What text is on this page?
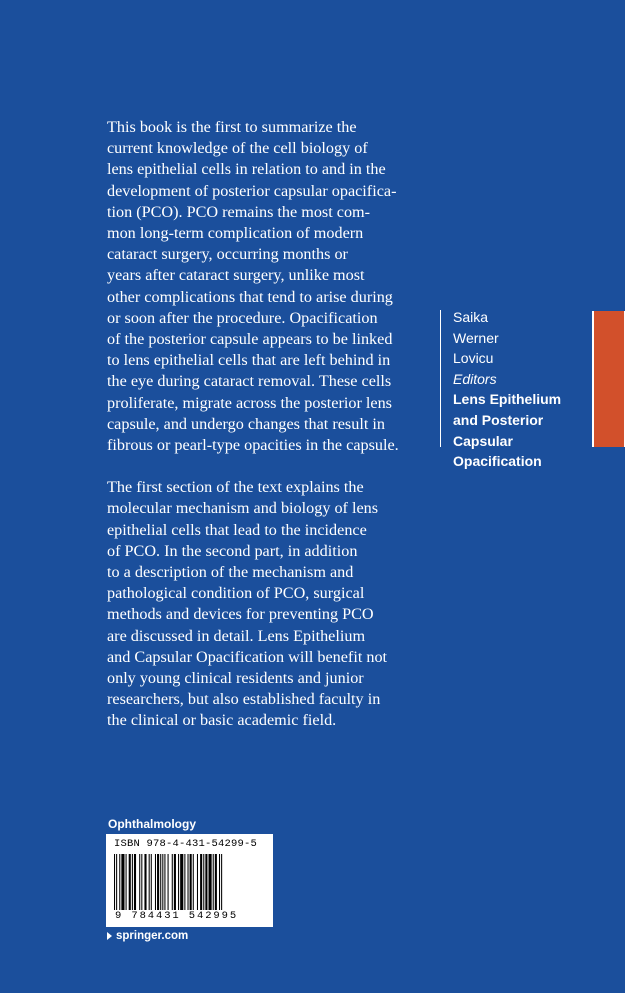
This book is the first to summarize the
current knowledge of the cell biology of
lens epithelial cells in relation to and in the
development of posterior capsular opacifica-
tion (PCO). PCO remains the most com-
mon long-term complication of modern
cataract surgery, occurring months or
years after cataract surgery, unlike most
other complications that tend to arise during
or soon after the procedure. Opacification
of the posterior capsule appears to be linked
to lens epithelial cells that are left behind in
the eye during cataract removal. These cells
proliferate, migrate across the posterior lens
capsule, and undergo changes that result in
fibrous or pearl-type opacities in the capsule.

The first section of the text explains the
molecular mechanism and biology of lens
epithelial cells that lead to the incidence
of PCO. In the second part, in addition
to a description of the mechanism and
pathological condition of PCO, surgical
methods and devices for preventing PCO
are discussed in detail. Lens Epithelium
and Capsular Opacification will benefit not
only young clinical residents and junior
researchers, but also established faculty in
the clinical or basic academic field.

Saika
Werner
Lovicu
Editors
Lens Epithelium
and Posterior
Capsular
Opacification
Ophthalmology
ISBN 978-4-431-54299-5
9 784431 542995
springer.com
